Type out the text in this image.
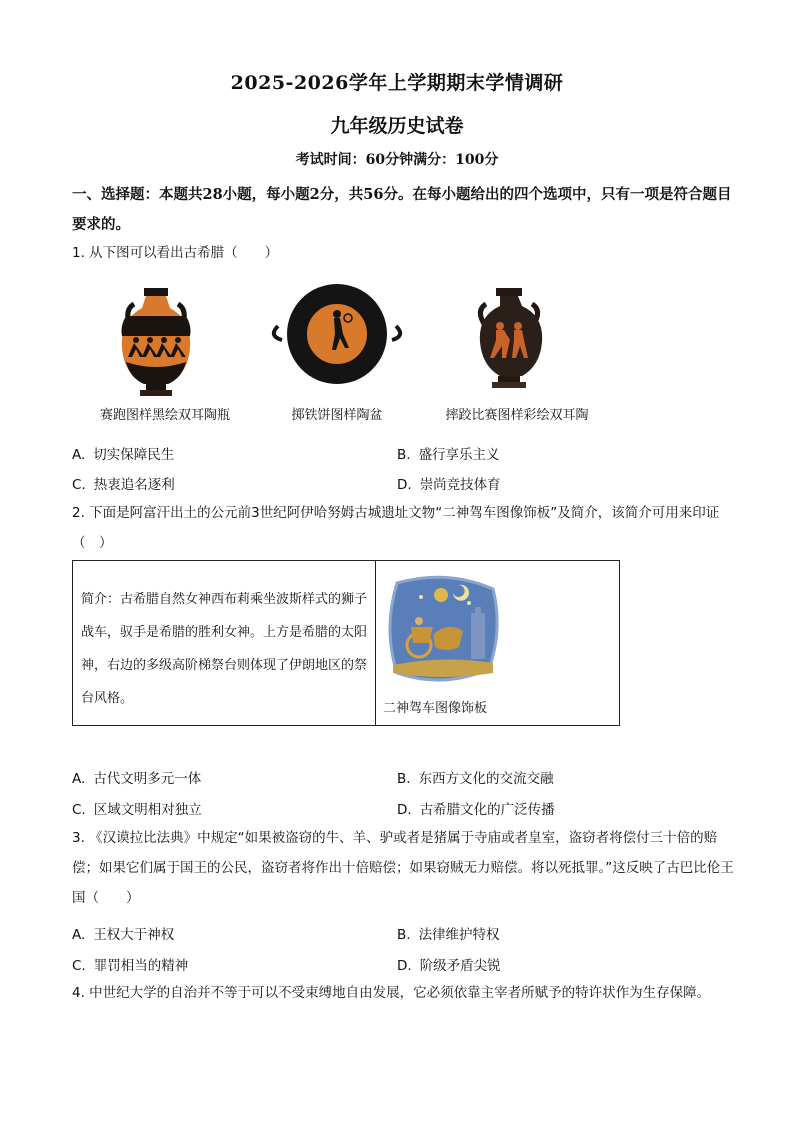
2025-2026学年上学期期末学情调研
九年级历史试卷
考试时间：60分钟满分：100分
一、选择题：本题共28小题，每小题2分，共56分。在每小题给出的四个选项中，只有一项是符合题目要求的。
1. 从下图可以看出古希腊（　　）
赛跑图样黑绘双耳陶瓶	掷铁饼图样陶盆	摔跤比赛图样彩绘双耳陶
A. 切实保障民生	B. 盛行享乐主义
C. 热衷追名逐利	D. 崇尚竞技体育
2. 下面是阿富汗出土的公元前3世纪阿伊哈努姆古城遗址文物“二神驾车图像饰板”及简介，该简介可用来印证（　）
简介：古希腊自然女神西布莉乘坐波斯样式的狮子战车，驭手是希腊的胜利女神。上方是希腊的太阳神，右边的多级高阶梯祭台则体现了伊朗地区的祭台风格。
二神驾车图像饰板
A. 古代文明多元一体	B. 东西方文化的交流交融
C. 区域文明相对独立	D. 古希腊文化的广泛传播
3. 《汉谟拉比法典》中规定“如果被盗窃的牛、羊、驴或者是猪属于寺庙或者皇室，盗窃者将偿付三十倍的赔偿；如果它们属于国王的公民，盗窃者将作出十倍赔偿；如果窃贼无力赔偿。将以死抵罪。”这反映了古巴比伦王国（　　）
A. 王权大于神权	B. 法律维护特权
C. 罪罚相当的精神	D. 阶级矛盾尖锐
4. 中世纪大学的自治并不等于可以不受束缚地自由发展，它必须依靠主宰者所赋予的特许状作为生存保障。
